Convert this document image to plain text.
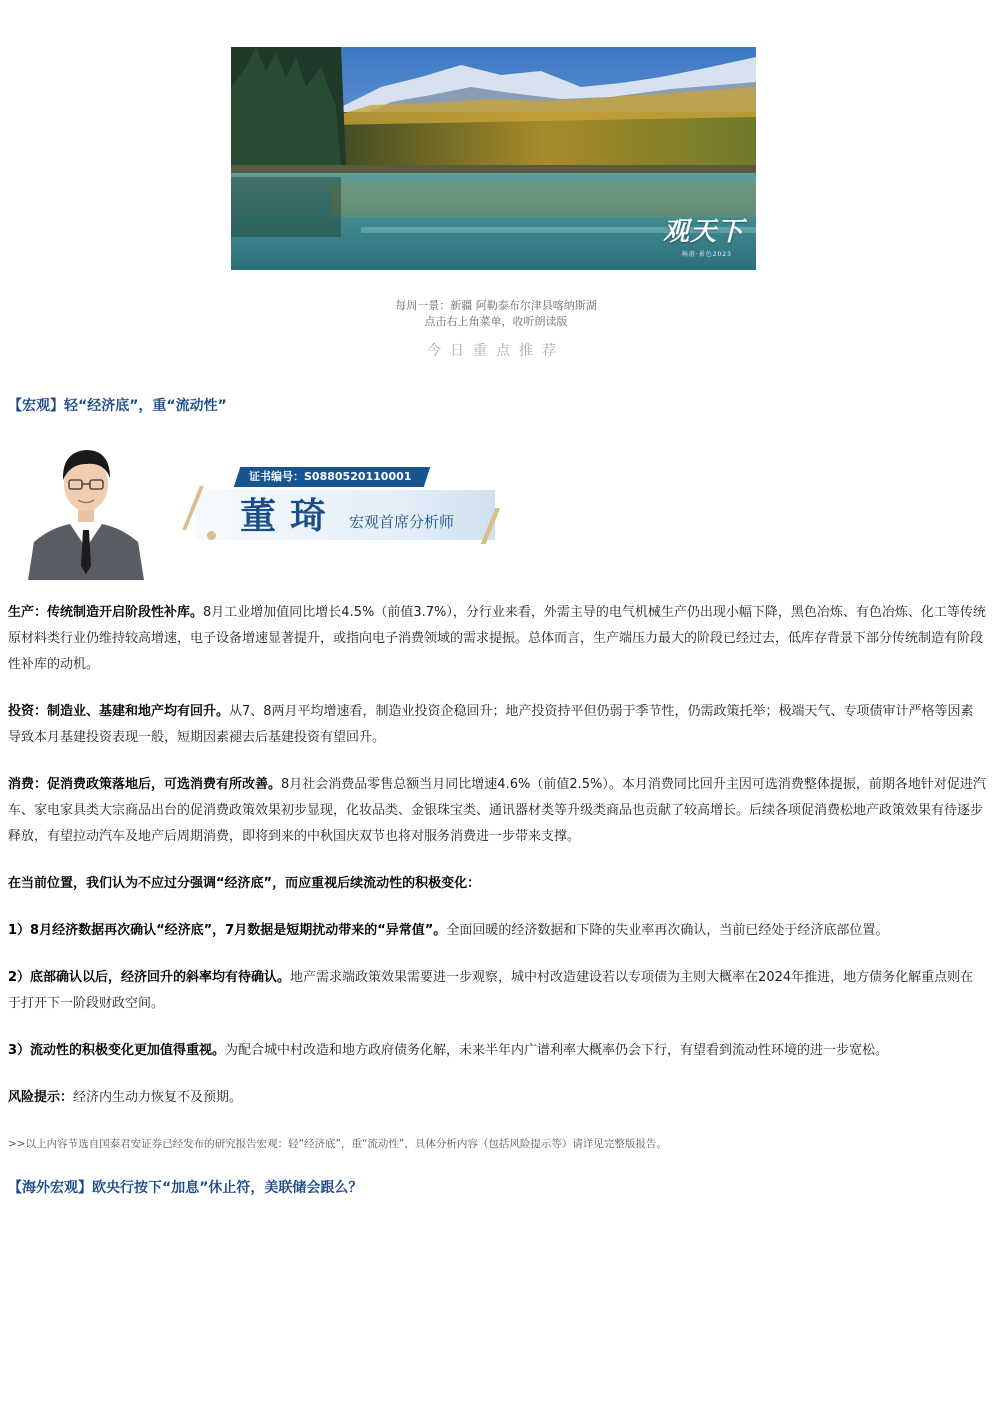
观天下
畅游·景色2023
每周一景：新疆 阿勒泰布尔津县喀纳斯湖
点击右上角菜单，收听朗读版
今日重点推荐
【宏观】轻“经济底”，重“流动性”
证书编号：S0880520110001
董琦 宏观首席分析师
生产：传统制造开启阶段性补库。8月工业增加值同比增长4.5%（前值3.7%），分行业来看，外需主导的电气机械生产仍出现小幅下降，黑色冶炼、有色冶炼、化工等传统原材料类行业仍维持较高增速，电子设备增速显著提升，或指向电子消费领域的需求提振。总体而言，生产端压力最大的阶段已经过去，低库存背景下部分传统制造有阶段性补库的动机。
投资：制造业、基建和地产均有回升。从7、8两月平均增速看，制造业投资企稳回升；地产投资持平但仍弱于季节性，仍需政策托举；极端天气、专项债审计严格等因素导致本月基建投资表现一般，短期因素褪去后基建投资有望回升。
消费：促消费政策落地后，可选消费有所改善。8月社会消费品零售总额当月同比增速4.6%（前值2.5%）。本月消费同比回升主因可选消费整体提振，前期各地针对促进汽车、家电家具类大宗商品出台的促消费政策效果初步显现，化妆品类、金银珠宝类、通讯器材类等升级类商品也贡献了较高增长。后续各项促消费松地产政策效果有待逐步释放，有望拉动汽车及地产后周期消费，即将到来的中秋国庆双节也将对服务消费进一步带来支撑。
在当前位置，我们认为不应过分强调“经济底”，而应重视后续流动性的积极变化：
1）8月经济数据再次确认“经济底”，7月数据是短期扰动带来的“异常值”。全面回暖的经济数据和下降的失业率再次确认，当前已经处于经济底部位置。
2）底部确认以后，经济回升的斜率均有待确认。地产需求端政策效果需要进一步观察，城中村改造建设若以专项债为主则大概率在2024年推进，地方债务化解重点则在于打开下一阶段财政空间。
3）流动性的积极变化更加值得重视。为配合城中村改造和地方政府债务化解，未来半年内广谱利率大概率仍会下行，有望看到流动性环境的进一步宽松。
风险提示：经济内生动力恢复不及预期。
>>以上内容节选自国泰君安证券已经发布的研究报告宏观：轻“经济底”，重“流动性”，具体分析内容（包括风险提示等）请详见完整版报告。
【海外宏观】欧央行按下“加息”休止符，美联储会跟么？
